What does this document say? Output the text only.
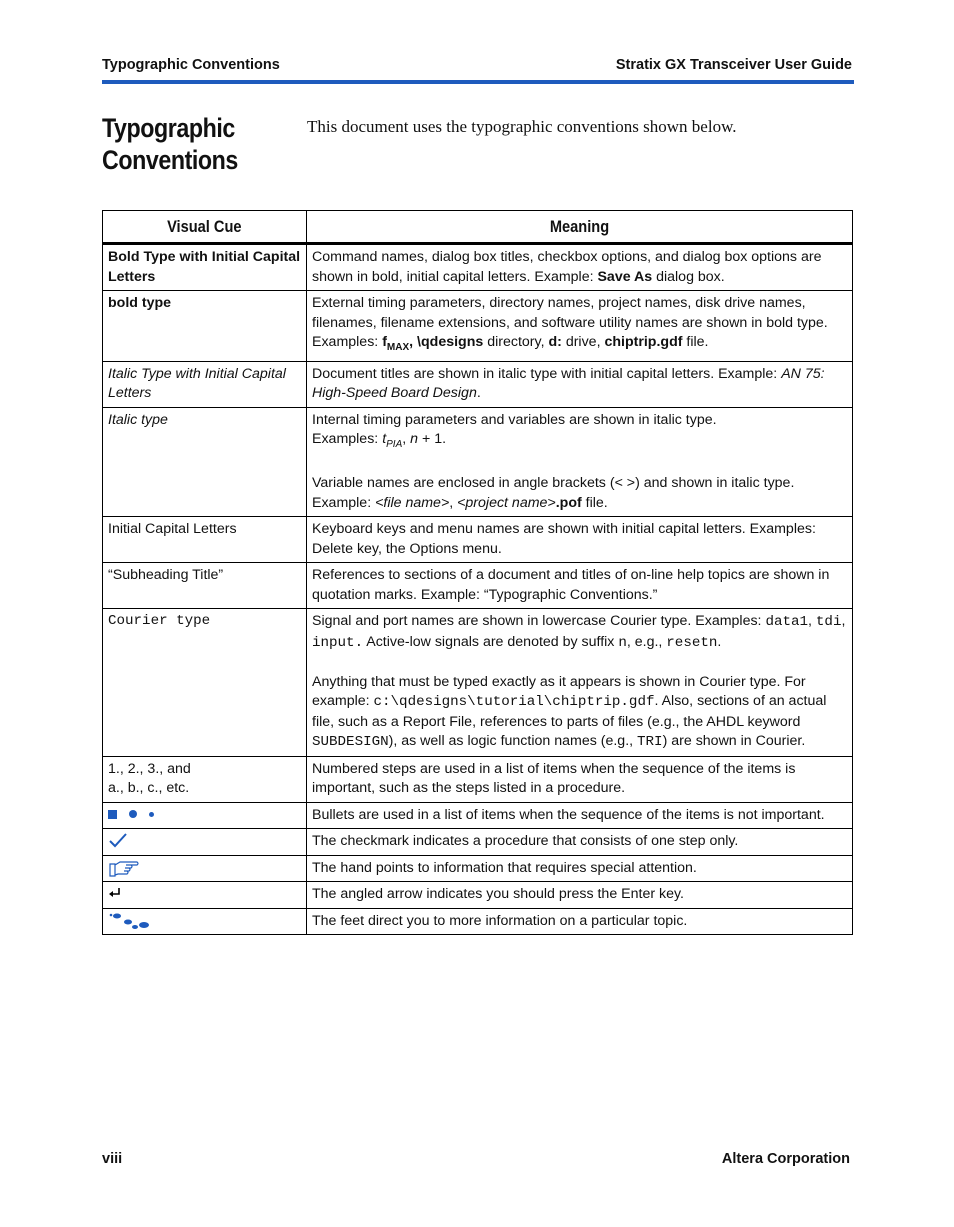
Typographic Conventions	Stratix GX Transceiver User Guide
Typographic
Conventions
This document uses the typographic conventions shown below.
Visual Cue	Meaning
Bold Type with Initial Capital Letters	Command names, dialog box titles, checkbox options, and dialog box options are shown in bold, initial capital letters. Example: Save As dialog box.
bold type	External timing parameters, directory names, project names, disk drive names, filenames, filename extensions, and software utility names are shown in bold type. Examples: $f_{MAX}$, \qdesigns directory, d: drive, chiptrip.gdf file.
Italic Type with Initial Capital Letters	Document titles are shown in italic type with initial capital letters. Example: AN 75: High-Speed Board Design.
Italic type	Internal timing parameters and variables are shown in italic type.
Examples: $t_{PIA}$, n + 1.
Variable names are enclosed in angle brackets (< >) and shown in italic type.
Example: <file name>, <project name>.pof file.

Initial Capital Letters	Keyboard keys and menu names are shown with initial capital letters. Examples: Delete key, the Options menu.
“Subheading Title”	References to sections of a document and titles of on-line help topics are shown in quotation marks. Example: “Typographic Conventions.”
Courier type	Signal and port names are shown in lowercase Courier type. Examples: data1, tdi, input. Active-low signals are denoted by suffix n, e.g., resetn.
Anything that must be typed exactly as it appears is shown in Courier type. For example: c:\qdesigns\tutorial\chiptrip.gdf. Also, sections of an actual file, such as a Report File, references to parts of files (e.g., the AHDL keyword SUBDESIGN), as well as logic function names (e.g., TRI) are shown in Courier.

1., 2., 3., and
a., b., c., etc.	Numbered steps are used in a list of items when the sequence of the items is important, such as the steps listed in a procedure.

	Bullets are used in a list of items when the sequence of the items is not important.

	The checkmark indicates a procedure that consists of one step only.

	The hand points to information that requires special attention.

	The angled arrow indicates you should press the Enter key.

	The feet direct you to more information on a particular topic.
viii	Altera Corporation
